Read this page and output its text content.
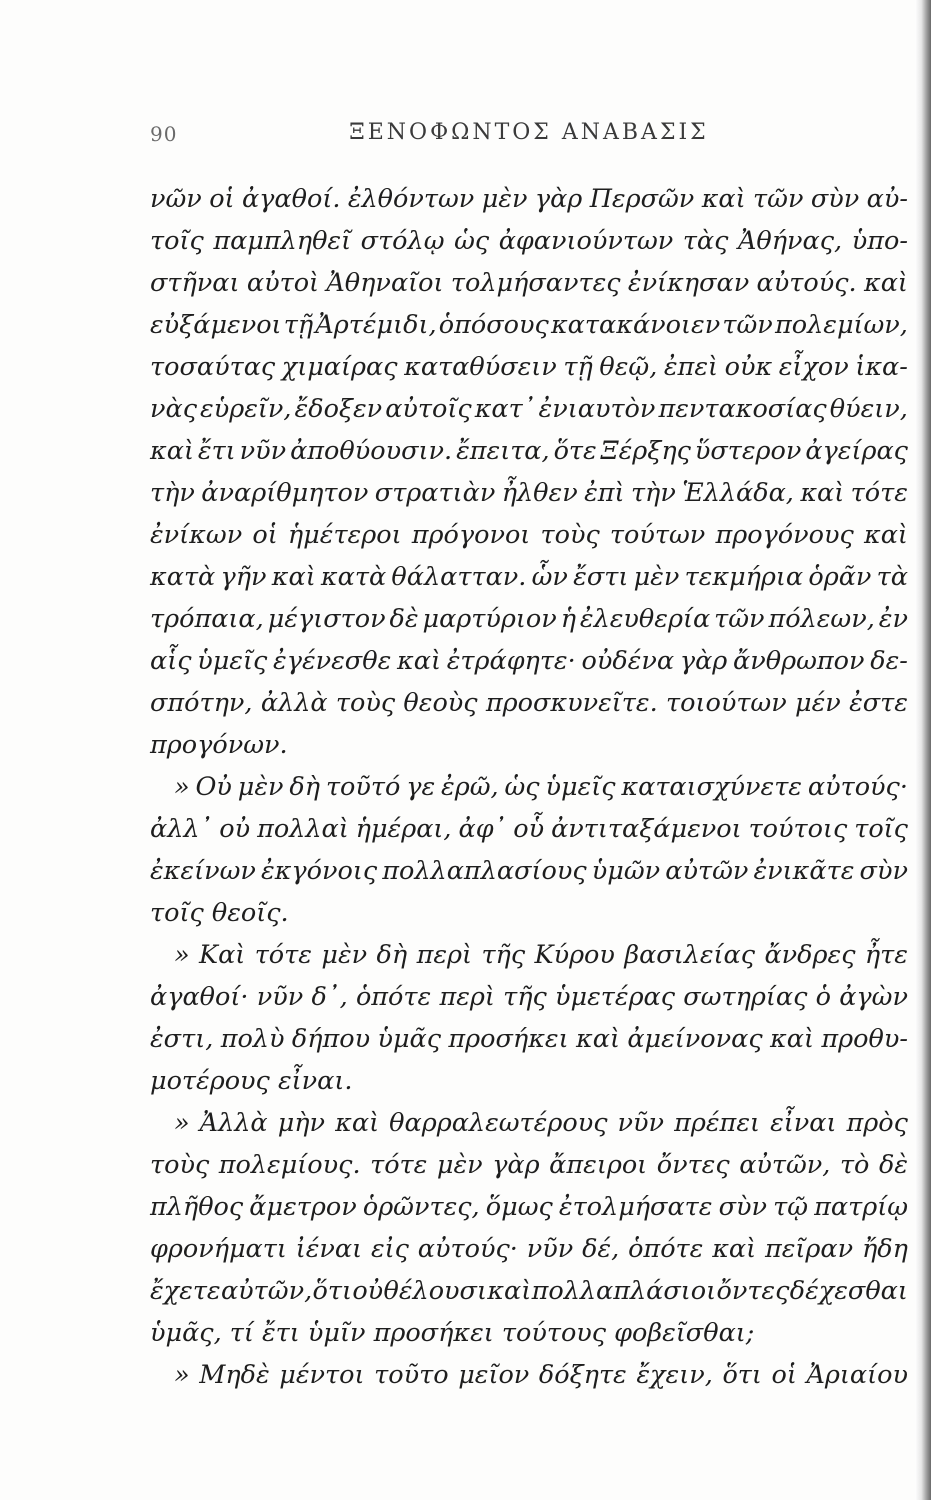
90	ΞΕΝΟΦΩΝΤΟΣ ΑΝΑΒΑΣΙΣ
νῶν οἱ ἀγαθοί. ἐλθόντων μὲν γὰρ Περσῶν καὶ τῶν σὺν αὐ-
τοῖς παμπληθεῖ στόλῳ ὡς ἀφανιούντων τὰς Ἀθήνας, ὑπο-
στῆναι αὐτοὶ Ἀθηναῖοι τολμήσαντες ἐνίκησαν αὐτούς. καὶ
εὐξάμενοι τῇ Ἀρτέμιδι, ὁπόσους κατακάνοιεν τῶν πολεμίων,
τοσαύτας χιμαίρας καταθύσειν τῇ θεῷ, ἐπεὶ οὐκ εἶχον ἱκα-
νὰς εὑρεῖν, ἔδοξεν αὐτοῖς κατ᾽ ἐνιαυτὸν πεντακοσίας θύειν,
καὶ ἔτι νῦν ἀποθύουσιν. ἔπειτα, ὅτε Ξέρξης ὕστερον ἀγείρας
τὴν ἀναρίθμητον στρατιὰν ἦλθεν ἐπὶ τὴν Ἑλλάδα, καὶ τότε
ἐνίκων οἱ ἡμέτεροι πρόγονοι τοὺς τούτων προγόνους καὶ
κατὰ γῆν καὶ κατὰ θάλατταν. ὧν ἔστι μὲν τεκμήρια ὁρᾶν τὰ
τρόπαια, μέγιστον δὲ μαρτύριον ἡ ἐλευθερία τῶν πόλεων, ἐν
αἷς ὑμεῖς ἐγένεσθε καὶ ἐτράφητε· οὐδένα γὰρ ἄνθρωπον δε-
σπότην, ἀλλὰ τοὺς θεοὺς προσκυνεῖτε. τοιούτων μέν ἐστε
προγόνων.
» Οὐ μὲν δὴ τοῦτό γε ἐρῶ, ὡς ὑμεῖς καταισχύνετε αὐτούς·
ἀλλ᾽ οὐ πολλαὶ ἡμέραι, ἀφ᾽ οὗ ἀντιταξάμενοι τούτοις τοῖς
ἐκείνων ἐκγόνοις πολλαπλασίους ὑμῶν αὐτῶν ἐνικᾶτε σὺν
τοῖς θεοῖς.
» Καὶ τότε μὲν δὴ περὶ τῆς Κύρου βασιλείας ἄνδρες ἦτε
ἀγαθοί· νῦν δ᾽, ὁπότε περὶ τῆς ὑμετέρας σωτηρίας ὁ ἀγὼν
ἐστι, πολὺ δήπου ὑμᾶς προσήκει καὶ ἀμείνονας καὶ προθυ-
μοτέρους εἶναι.
» Ἀλλὰ μὴν καὶ θαρραλεωτέρους νῦν πρέπει εἶναι πρὸς
τοὺς πολεμίους. τότε μὲν γὰρ ἄπειροι ὄντες αὐτῶν, τὸ δὲ
πλῆθος ἄμετρον ὁρῶντες, ὅμως ἐτολμήσατε σὺν τῷ πατρίῳ
φρονήματι ἰέναι εἰς αὐτούς· νῦν δέ, ὁπότε καὶ πεῖραν ἤδη
ἔχετε αὐτῶν, ὅτι οὐ θέλουσι καὶ πολλαπλάσιοι ὄντες δέχεσθαι
ὑμᾶς, τί ἔτι ὑμῖν προσήκει τούτους φοβεῖσθαι;
» Μηδὲ μέντοι τοῦτο μεῖον δόξητε ἔχειν, ὅτι οἱ Ἀριαίου
